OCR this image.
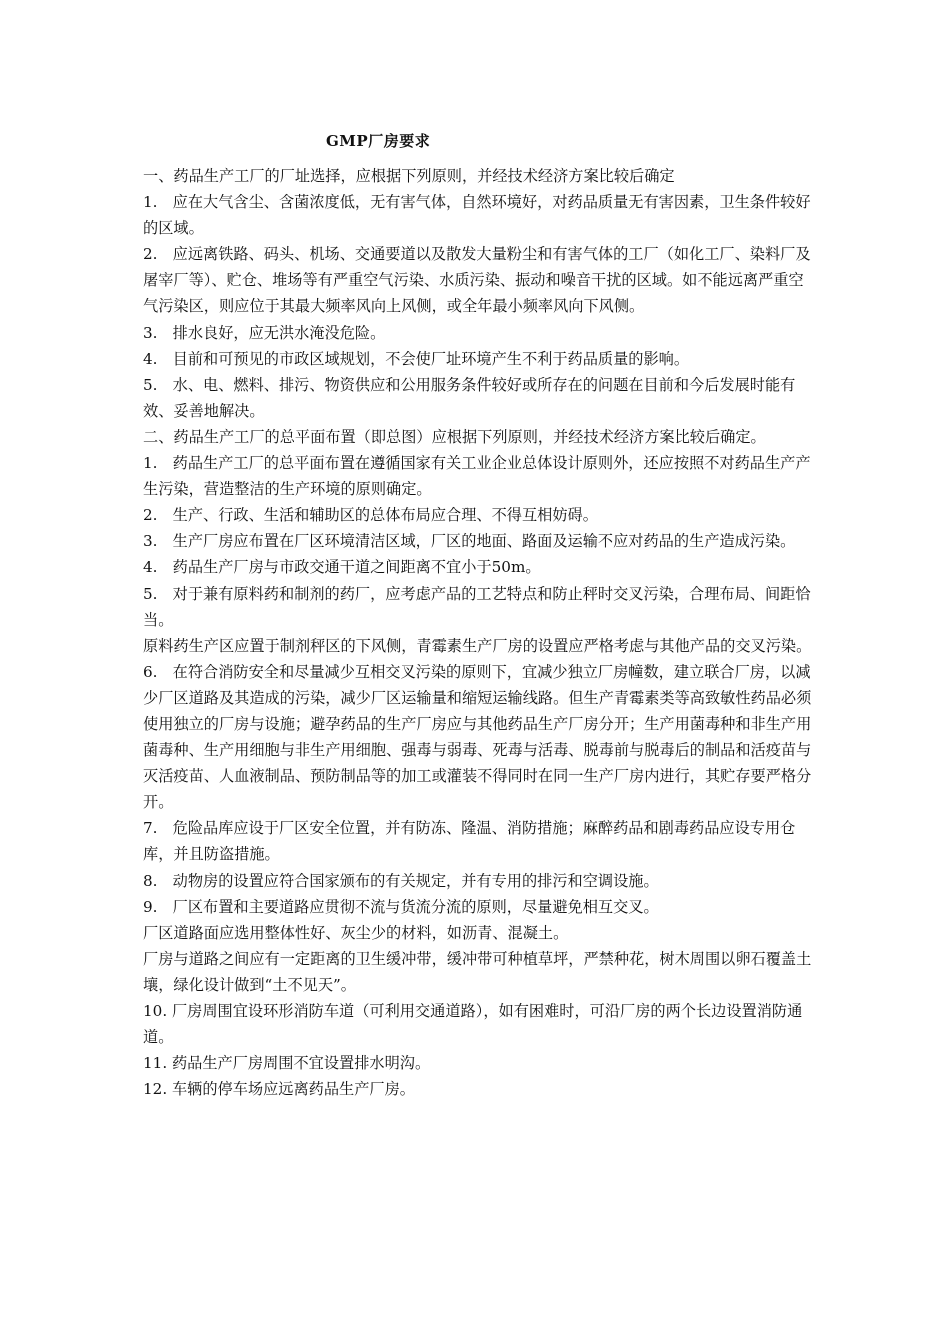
GMP厂房要求

一、药品生产工厂的厂址选择，应根据下列原则，并经技术经济方案比较后确定

1.　应在大气含尘、含菌浓度低，无有害气体，自然环境好，对药品质量无有害因素，卫生条件较好的区域。

2.　应远离铁路、码头、机场、交通要道以及散发大量粉尘和有害气体的工厂（如化工厂、染料厂及屠宰厂等）、贮仓、堆场等有严重空气污染、水质污染、振动和噪音干扰的区域。如不能远离严重空气污染区，则应位于其最大频率风向上风侧，或全年最小频率风向下风侧。

3.　排水良好，应无洪水淹没危险。

4.　目前和可预见的市政区域规划，不会使厂址环境产生不利于药品质量的影响。

5.　水、电、燃料、排污、物资供应和公用服务条件较好或所存在的问题在目前和今后发展时能有效、妥善地解决。

二、药品生产工厂的总平面布置（即总图）应根据下列原则，并经技术经济方案比较后确定。

1.　药品生产工厂的总平面布置在遵循国家有关工业企业总体设计原则外，还应按照不对药品生产产生污染，营造整洁的生产环境的原则确定。

2.　生产、行政、生活和辅助区的总体布局应合理、不得互相妨碍。

3.　生产厂房应布置在厂区环境清洁区域，厂区的地面、路面及运输不应对药品的生产造成污染。

4.　药品生产厂房与市政交通干道之间距离不宜小于50m。

5.　对于兼有原料药和制剂的药厂，应考虑产品的工艺特点和防止秤时交叉污染，合理布局、间距恰当。

原料药生产区应置于制剂秤区的下风侧，青霉素生产厂房的设置应严格考虑与其他产品的交叉污染。

6.　在符合消防安全和尽量减少互相交叉污染的原则下，宜减少独立厂房幢数，建立联合厂房，以减少厂区道路及其造成的污染，减少厂区运输量和缩短运输线路。但生产青霉素类等高致敏性药品必须使用独立的厂房与设施；避孕药品的生产厂房应与其他药品生产厂房分开；生产用菌毒种和非生产用菌毒种、生产用细胞与非生产用细胞、强毒与弱毒、死毒与活毒、脱毒前与脱毒后的制品和活疫苗与灭活疫苗、人血液制品、预防制品等的加工或灌装不得同时在同一生产厂房内进行，其贮存要严格分开。

7.　危险品库应设于厂区安全位置，并有防冻、隆温、消防措施；麻醉药品和剧毒药品应设专用仓库，并且防盗措施。

8.　动物房的设置应符合国家颁布的有关规定，并有专用的排污和空调设施。

9.　厂区布置和主要道路应贯彻不流与货流分流的原则，尽量避免相互交叉。

厂区道路面应选用整体性好、灰尘少的材料，如沥青、混凝土。

厂房与道路之间应有一定距离的卫生缓冲带，缓冲带可种植草坪，严禁种花，树木周围以卵石覆盖土壤，绿化设计做到“土不见天”。

10. 厂房周围宜设环形消防车道（可利用交通道路），如有困难时，可沿厂房的两个长边设置消防通道。

11. 药品生产厂房周围不宜设置排水明沟。

12. 车辆的停车场应远离药品生产厂房。
